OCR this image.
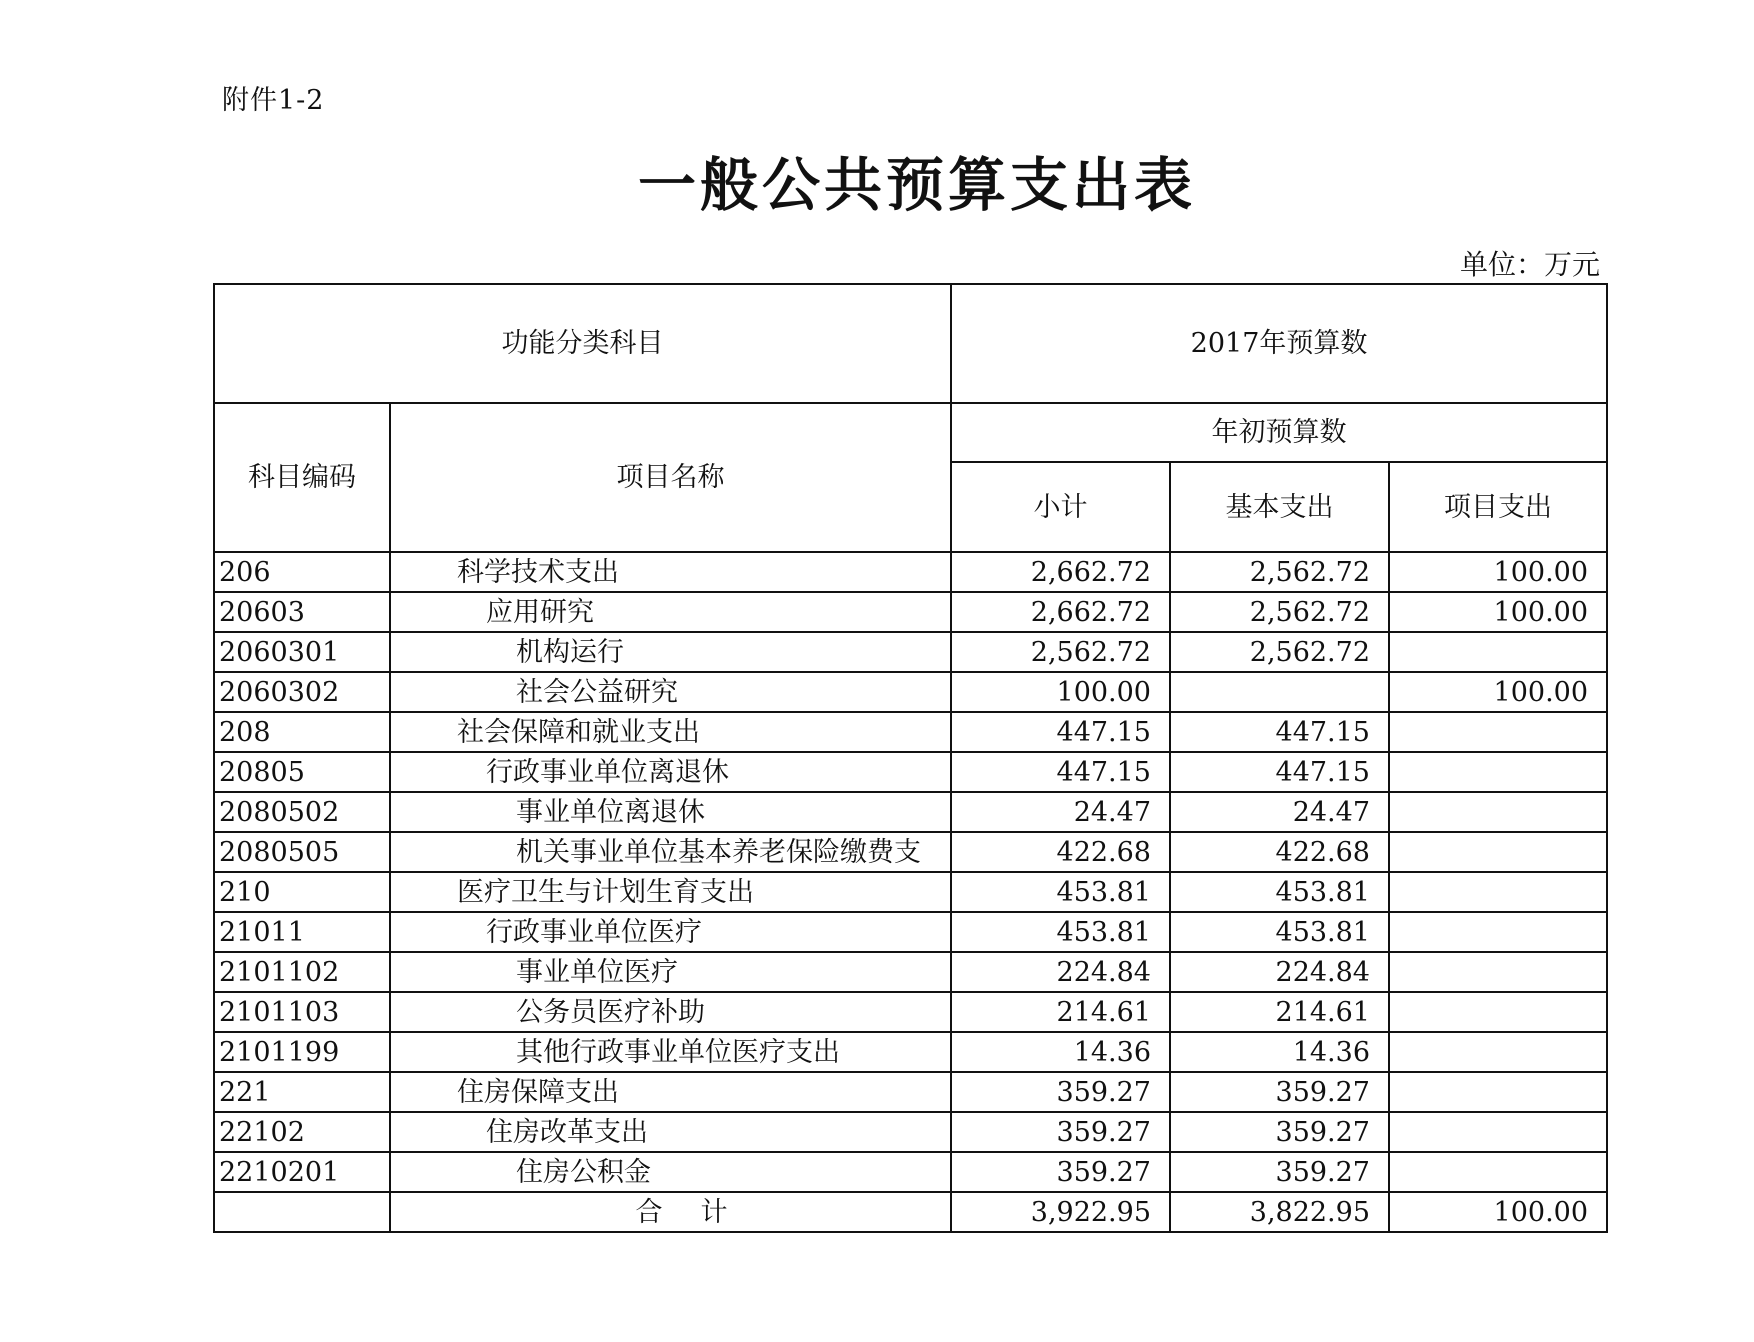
附件1-2
一般公共预算支出表
单位：万元
功能分类科目		2017年预算数		
科目编码	项目名称	年初预算数		
		小计	基本支出	项目支出
206	科学技术支出	2,662.72	2,562.72	100.00
20603	应用研究	2,662.72	2,562.72	100.00
2060301	机构运行	2,562.72	2,562.72	
2060302	社会公益研究	100.00		100.00
208	社会保障和就业支出	447.15	447.15	
20805	行政事业单位离退休	447.15	447.15	
2080502	事业单位离退休	24.47	24.47	
2080505	机关事业单位基本养老保险缴费支	422.68	422.68	
210	医疗卫生与计划生育支出	453.81	453.81	
21011	行政事业单位医疗	453.81	453.81	
2101102	事业单位医疗	224.84	224.84	
2101103	公务员医疗补助	214.61	214.61	
2101199	其他行政事业单位医疗支出	14.36	14.36	
221	住房保障支出	359.27	359.27	
22102	住房改革支出	359.27	359.27	
2210201	住房公积金	359.27	359.27	
	合计	3,922.95	3,822.95	100.00
